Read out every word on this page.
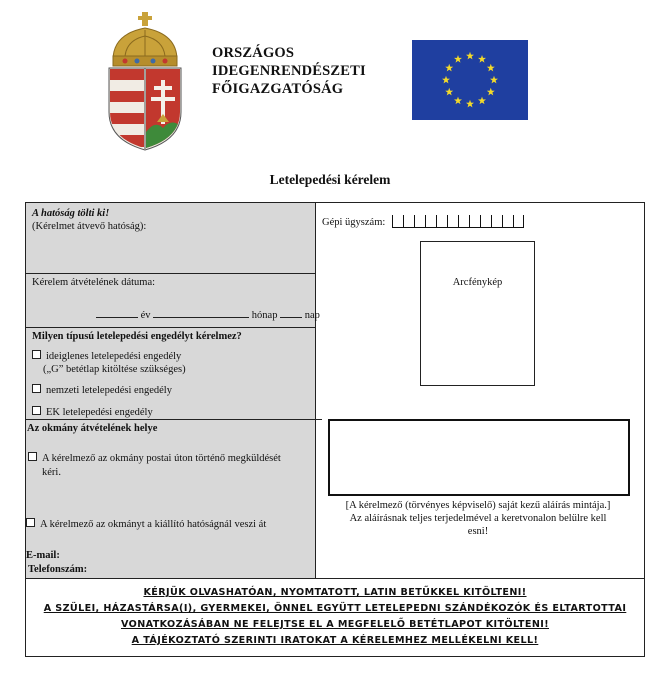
ORSZÁGOS
IDEGENRENDÉSZETI
FŐIGAZGATÓSÁG
Letelepedési kérelem
A hatóság tölti ki!
(Kérelmet átvevő hatóság):
Kérelem átvételének dátuma:
év	hónap	nap
Milyen típusú letelepedési engedélyt kérelmez?
ideiglenes letelepedési engedély
(„G” betétlap kitöltése szükséges)
nemzeti letelepedési engedély
EK letelepedési engedély
Az okmány átvételének helye
A kérelmező az okmány postai úton történő megküldését
kéri.
A kérelmező az okmányt a kiállító hatóságnál veszi át
E-mail:
Telefonszám:
Gépi ügyszám:
Arcfénykép
[A kérelmező (törvényes képviselő) saját kezű aláírás mintája.]
Az aláírásnak teljes terjedelmével a keretvonalon belülre kell
esni!
KÉRJÜK OLVASHATÓAN, NYOMTATOTT, LATIN BETŰKKEL KITÖLTENI!
A SZÜLEI, HÁZASTÁRSA(I), GYERMEKEI, ÖNNEL EGYÜTT LETELEPEDNI SZÁNDÉKOZÓK ÉS ELTARTOTTAI
VONATKOZÁSÁBAN NE FELEJTSE EL A MEGFELELŐ BETÉTLAPOT KITÖLTENI!
A TÁJÉKOZTATÓ SZERINTI IRATOKAT A KÉRELEMHEZ MELLÉKELNI KELL!
